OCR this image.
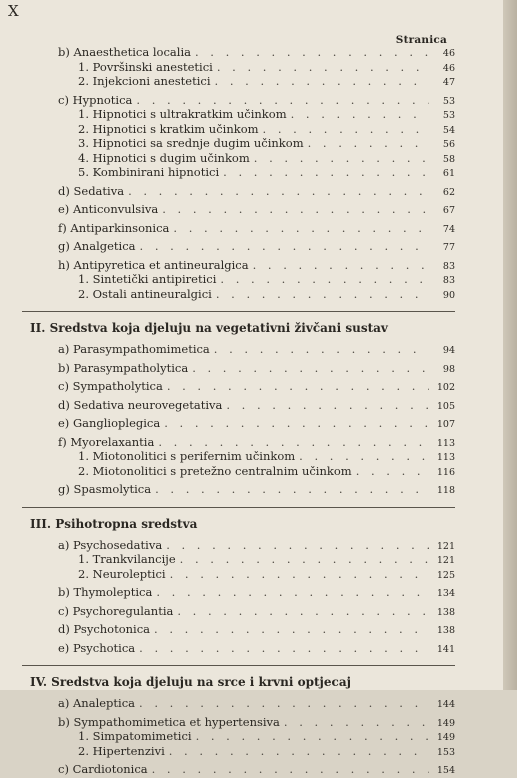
X
Stranica
b) Anaesthetica localia . . .	46
1. Površinski anestetici . . .	46
2. Injekcioni anestetici . . .	47
c) Hypnotica . . .	53
1. Hipnotici s ultrakratkim učinkom . . .	53
2. Hipnotici s kratkim učinkom . . .	54
3. Hipnotici sa srednje dugim učinkom . . .	56
4. Hipnotici s dugim učinkom . . .	58
5. Kombinirani hipnotici . . .	61
d) Sedativa . . .	62
e) Anticonvulsiva . . .	67
f) Antiparkinsonica . . .	74
g) Analgetica . . .	77
h) Antipyretica et antineuralgica . . .	83
1. Sintetički antipiretici . . .	83
2. Ostali antineuralgici . . .	90
II. Sredstva koja djeluju na vegetativni živčani sustav
a) Parasympathomimetica . . .	94
b) Parasympatholytica . . .	98
c) Sympatholytica . . .	102
d) Sedativa neurovegetativa . . .	105
e) Ganglioplegica . . .	107
f) Myorelaxantia . . .	113
1. Miotonolitici s perifernim učinkom . . .	113
2. Miotonolitici s pretežno centralnim učinkom . . .	116
g) Spasmolytica . . .	118
III. Psihotropna sredstva
a) Psychosedativa . . .	121
1. Trankvilancije . . .	121
2. Neuroleptici . . .	125
b) Thymoleptica . . .	134
c) Psychoregulantia . . .	138
d) Psychotonica . . .	138
e) Psychotica . . .	141
IV. Sredstva koja djeluju na srce i krvni optjecaj
a) Analeptica . . .	144
b) Sympathomimetica et hypertensiva . . .	149
1. Simpatomimetici . . .	149
2. Hipertenzivi . . .	153
c) Cardiotonica . . .	154
